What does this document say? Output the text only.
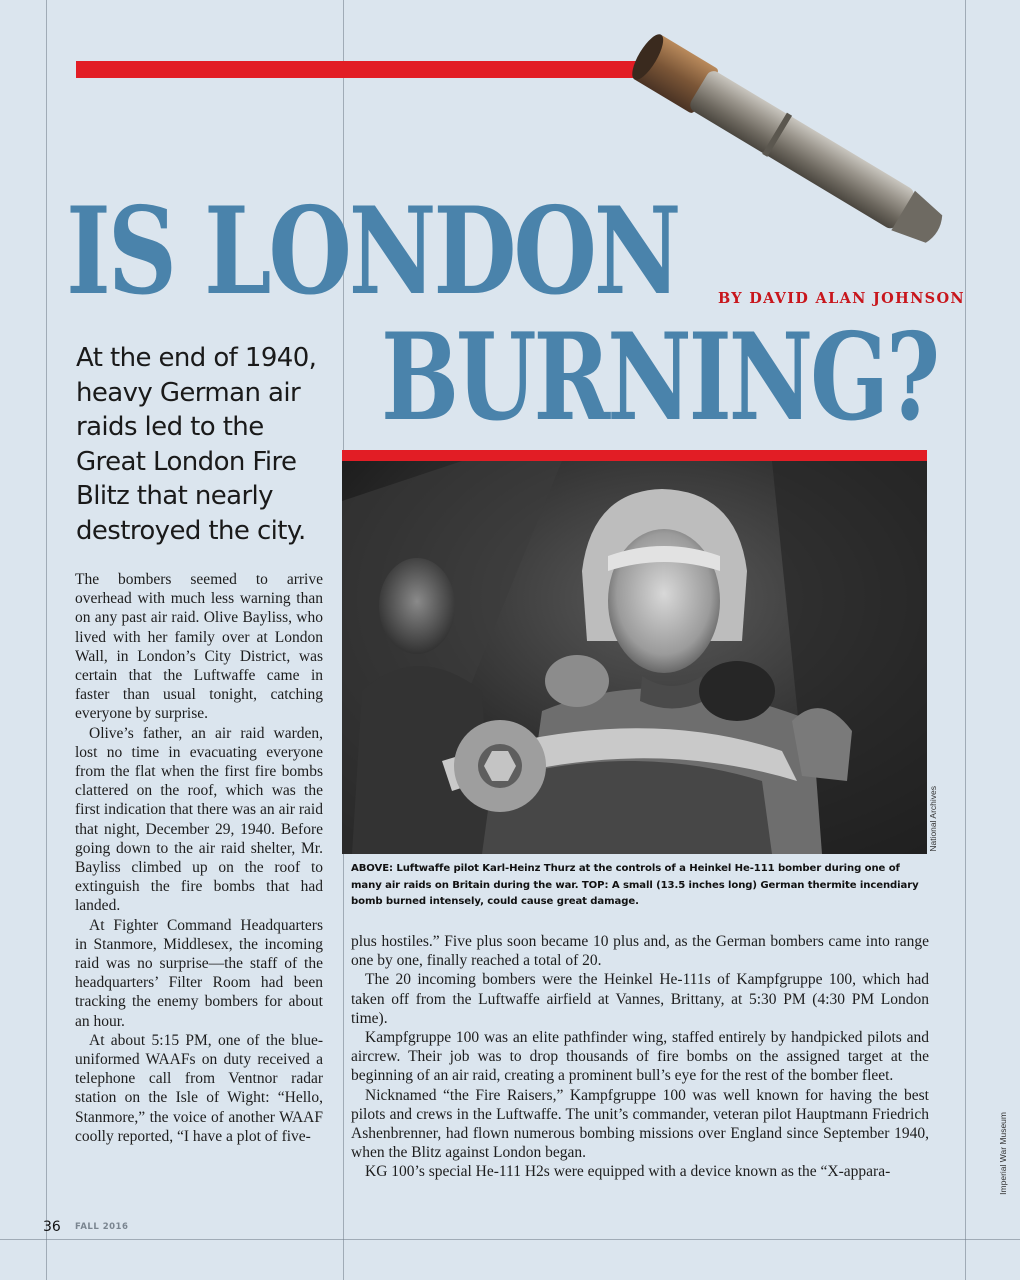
IS LONDON
BURNING?
BY DAVID ALAN JOHNSON

At the end of 1940, heavy German air raids led to the Great London Fire Blitz that nearly destroyed the city.

National Archives

ABOVE: Luftwaffe pilot Karl-Heinz Thurz at the controls of a Heinkel He-111 bomber during one of many air raids on Britain during the war. TOP: A small (13.5 inches long) German thermite incendiary bomb burned intensely, could cause great damage.

The bombers seemed to arrive overhead with much less warning than on any past air raid. Olive Bayliss, who lived with her family over at London Wall, in London’s City District, was certain that the Luftwaffe came in faster than usual tonight, catching everyone by surprise.

Olive’s father, an air raid warden, lost no time in evacuating everyone from the flat when the first fire bombs clattered on the roof, which was the first indication that there was an air raid that night, December 29, 1940. Before going down to the air raid shelter, Mr. Bayliss climbed up on the roof to extinguish the fire bombs that had landed.

At Fighter Command Headquarters in Stanmore, Middlesex, the incoming raid was no surprise—the staff of the headquarters’ Filter Room had been tracking the enemy bombers for about an hour.

At about 5:15 PM, one of the blue-uniformed WAAFs on duty received a telephone call from Ventnor radar station on the Isle of Wight: “Hello, Stanmore,” the voice of another WAAF coolly reported, “I have a plot of five-

plus hostiles.” Five plus soon became 10 plus and, as the German bombers came into range one by one, finally reached a total of 20.

The 20 incoming bombers were the Heinkel He-111s of Kampfgruppe 100, which had taken off from the Luftwaffe airfield at Vannes, Brittany, at 5:30 PM (4:30 PM London time).

Kampfgruppe 100 was an elite pathfinder wing, staffed entirely by handpicked pilots and aircrew. Their job was to drop thousands of fire bombs on the assigned target at the beginning of an air raid, creating a prominent bull’s eye for the rest of the bomber fleet.

Nicknamed “the Fire Raisers,” Kampfgruppe 100 was well known for having the best pilots and crews in the Luftwaffe. The unit’s commander, veteran pilot Hauptmann Friedrich Ashenbrenner, had flown numerous bombing missions over England since September 1940, when the Blitz against London began.

KG 100’s special He-111 H2s were equipped with a device known as the “X-appara-	Imperial War Museum
36 FALL 2016
